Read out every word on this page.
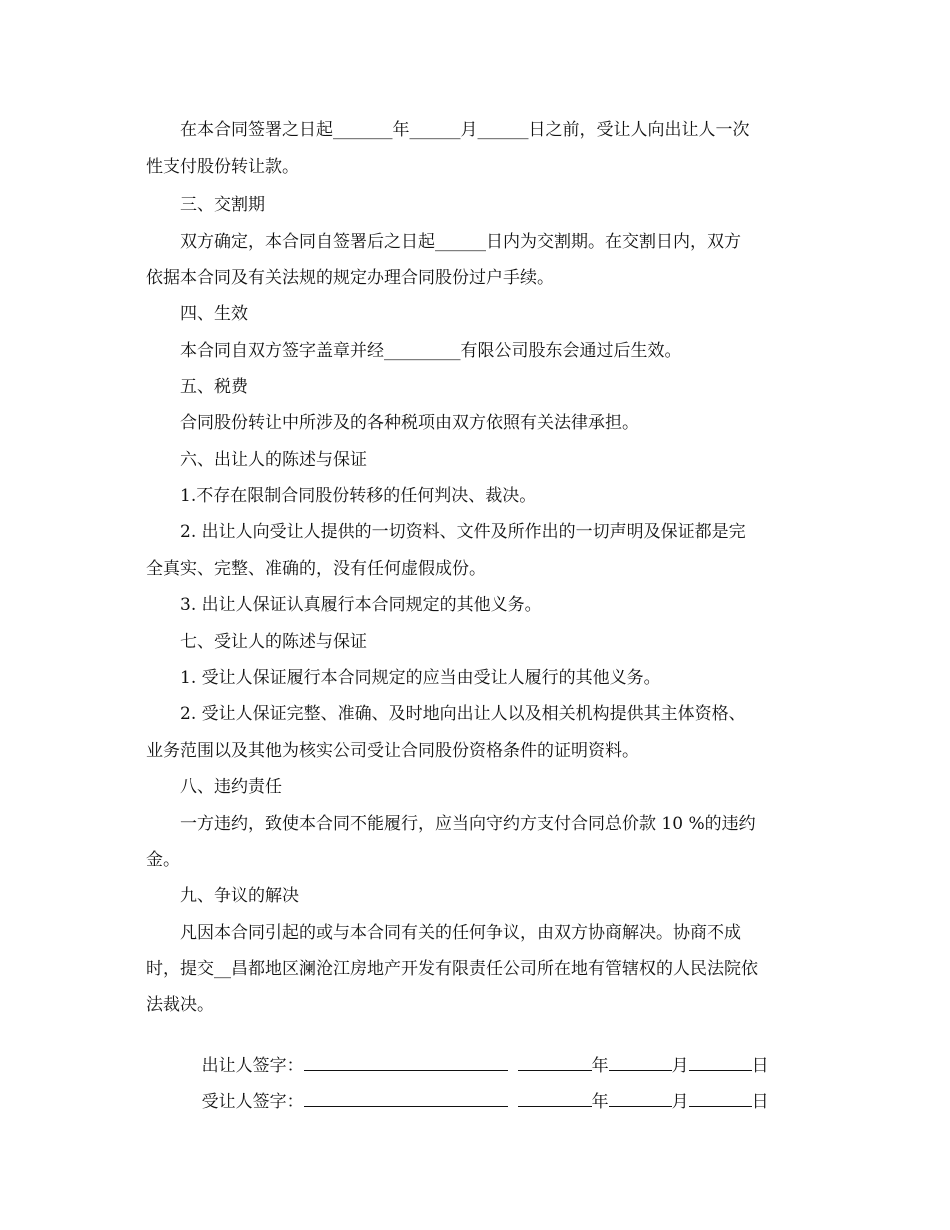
在本合同签署之日起_______年______月______日之前，受让人向出让人一次
性支付股份转让款。
三、交割期
双方确定，本合同自签署后之日起______日内为交割期。在交割日内，双方
依据本合同及有关法规的规定办理合同股份过户手续。
四、生效
本合同自双方签字盖章并经_________有限公司股东会通过后生效。
五、税费
合同股份转让中所涉及的各种税项由双方依照有关法律承担。
六、出让人的陈述与保证
1.不存在限制合同股份转移的任何判决、裁决。
2. 出让人向受让人提供的一切资料、文件及所作出的一切声明及保证都是完
全真实、完整、准确的，没有任何虚假成份。
3. 出让人保证认真履行本合同规定的其他义务。
七、受让人的陈述与保证
1. 受让人保证履行本合同规定的应当由受让人履行的其他义务。
2. 受让人保证完整、准确、及时地向出让人以及相关机构提供其主体资格、
业务范围以及其他为核实公司受让合同股份资格条件的证明资料。
八、违约责任
一方违约，致使本合同不能履行，应当向守约方支付合同总价款 10 %的违约
金。
九、争议的解决
凡因本合同引起的或与本合同有关的任何争议，由双方协商解决。协商不成
时，提交__昌都地区澜沧江房地产开发有限责任公司所在地有管辖权的人民法院依
法裁决。

出让人签字：	年	月	日

受让人签字：	年	月	日
